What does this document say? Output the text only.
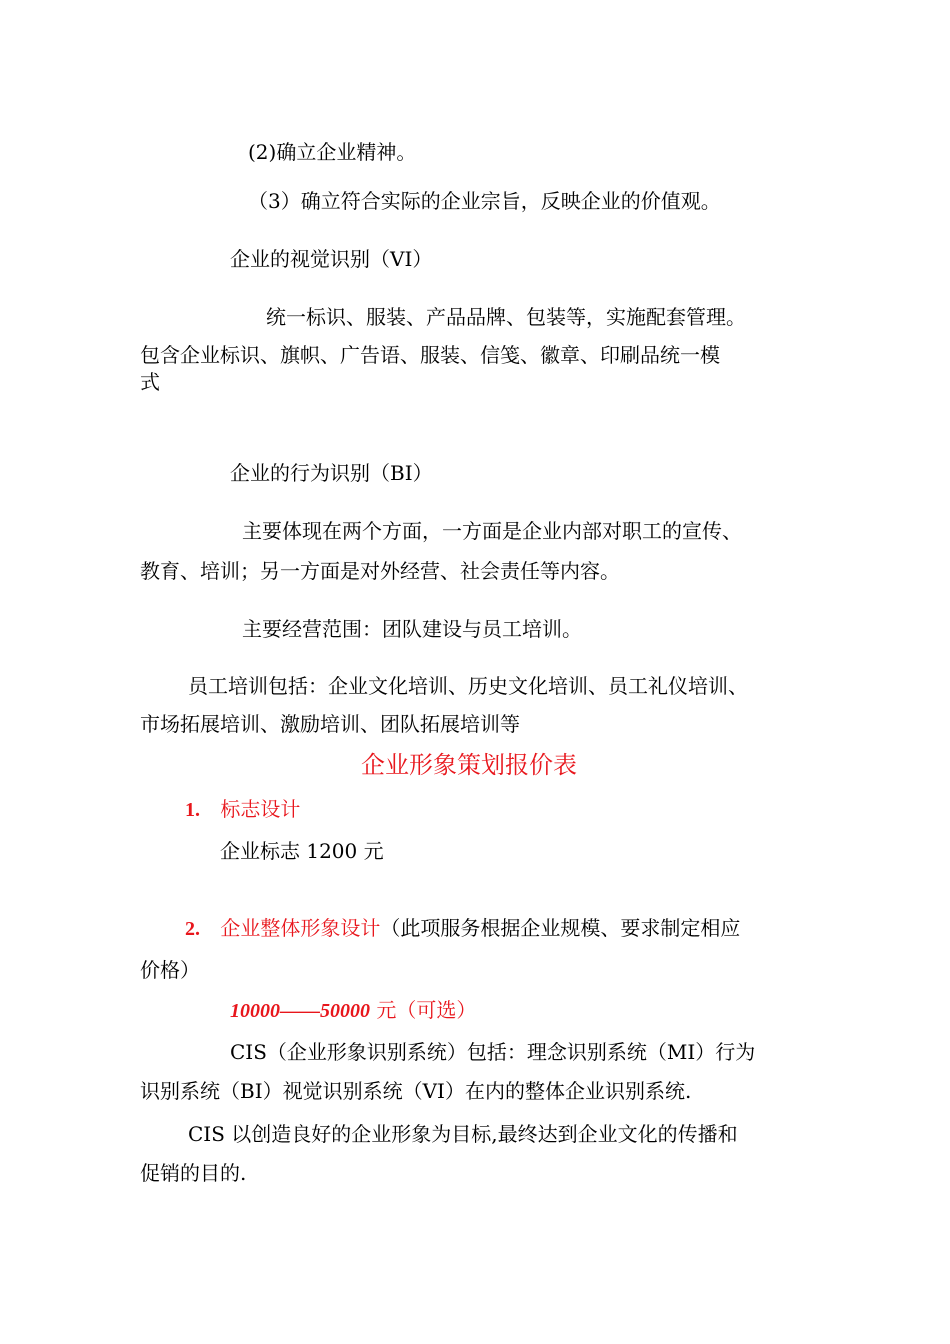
(2)确立企业精神。
（3）确立符合实际的企业宗旨，反映企业的价值观。
企业的视觉识别（VI）
统一标识、服装、产品品牌、包装等，实施配套管理。
包含企业标识、旗帜、广告语、服装、信笺、徽章、印刷品统一模
式
企业的行为识别（BI）
主要体现在两个方面，一方面是企业内部对职工的宣传、
教育、培训；另一方面是对外经营、社会责任等内容。
主要经营范围：团队建设与员工培训。
员工培训包括：企业文化培训、历史文化培训、员工礼仪培训、
市场拓展培训、激励培训、团队拓展培训等
企业形象策划报价表
1. 标志设计
企业标志 1200 元
2. 企业整体形象设计（此项服务根据企业规模、要求制定相应
价格）
10000——50000 元（可选）
CIS（企业形象识别系统）包括：理念识别系统（MI）行为
识别系统（BI）视觉识别系统（VI）在内的整体企业识别系统.
CIS 以创造良好的企业形象为目标,最终达到企业文化的传播和
促销的目的.
